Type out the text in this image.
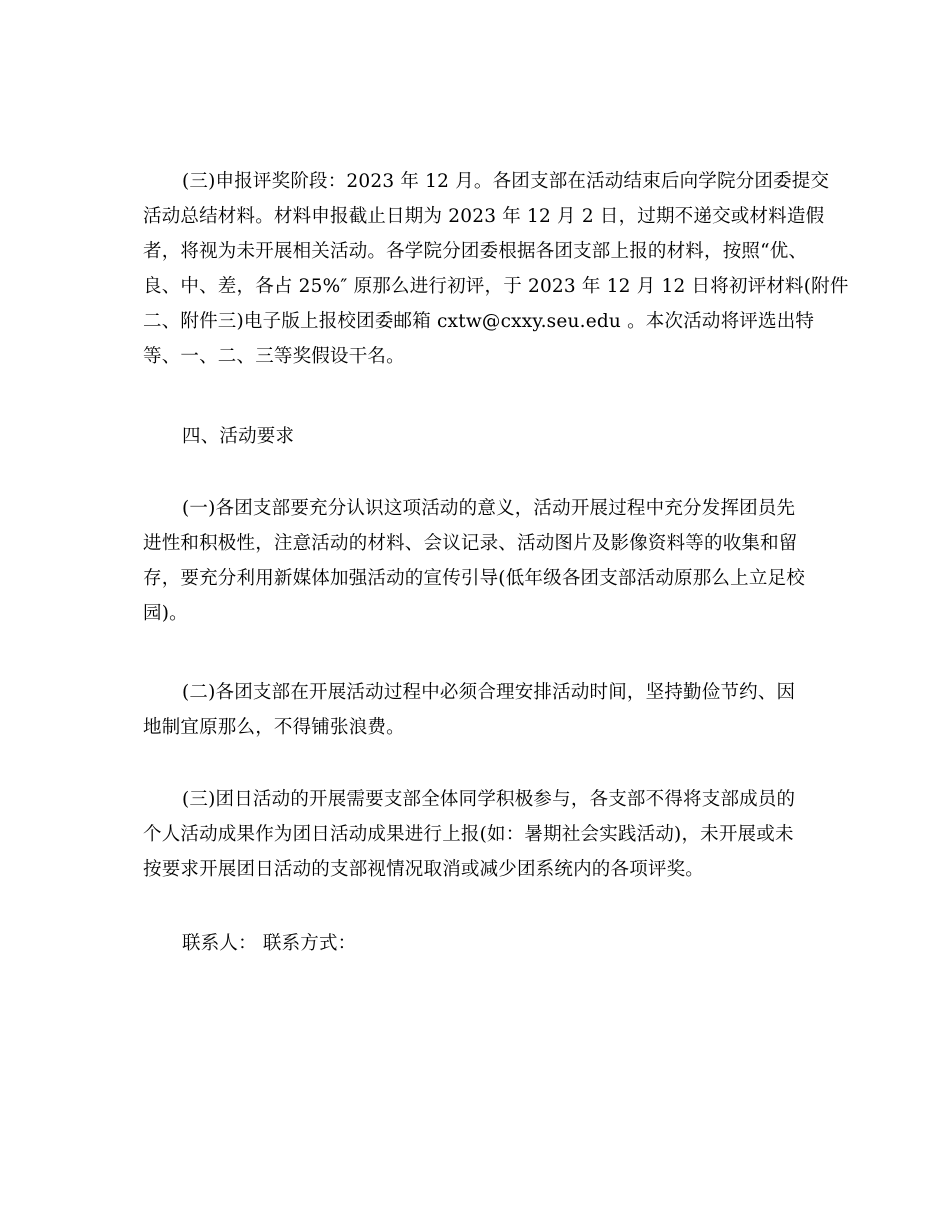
(三)申报评奖阶段：2023 年 12 月。各团支部在活动结束后向学院分团委提交
活动总结材料。材料申报截止日期为 2023 年 12 月 2 日，过期不递交或材料造假
者，将视为未开展相关活动。各学院分团委根据各团支部上报的材料，按照“优、
良、中、差，各占 25%″ 原那么进行初评，于 2023 年 12 月 12 日将初评材料(附件
二、附件三)电子版上报校团委邮箱 cxtw@cxxy.seu.edu 。本次活动将评选出特
等、一、二、三等奖假设干名。
四、活动要求
(一)各团支部要充分认识这项活动的意义，活动开展过程中充分发挥团员先
进性和积极性，注意活动的材料、会议记录、活动图片及影像资料等的收集和留
存，要充分利用新媒体加强活动的宣传引导(低年级各团支部活动原那么上立足校
园)。
(二)各团支部在开展活动过程中必须合理安排活动时间，坚持勤俭节约、因
地制宜原那么，不得铺张浪费。
(三)团日活动的开展需要支部全体同学积极参与，各支部不得将支部成员的
个人活动成果作为团日活动成果进行上报(如：暑期社会实践活动)，未开展或未
按要求开展团日活动的支部视情况取消或减少团系统内的各项评奖。
联系人： 联系方式：
